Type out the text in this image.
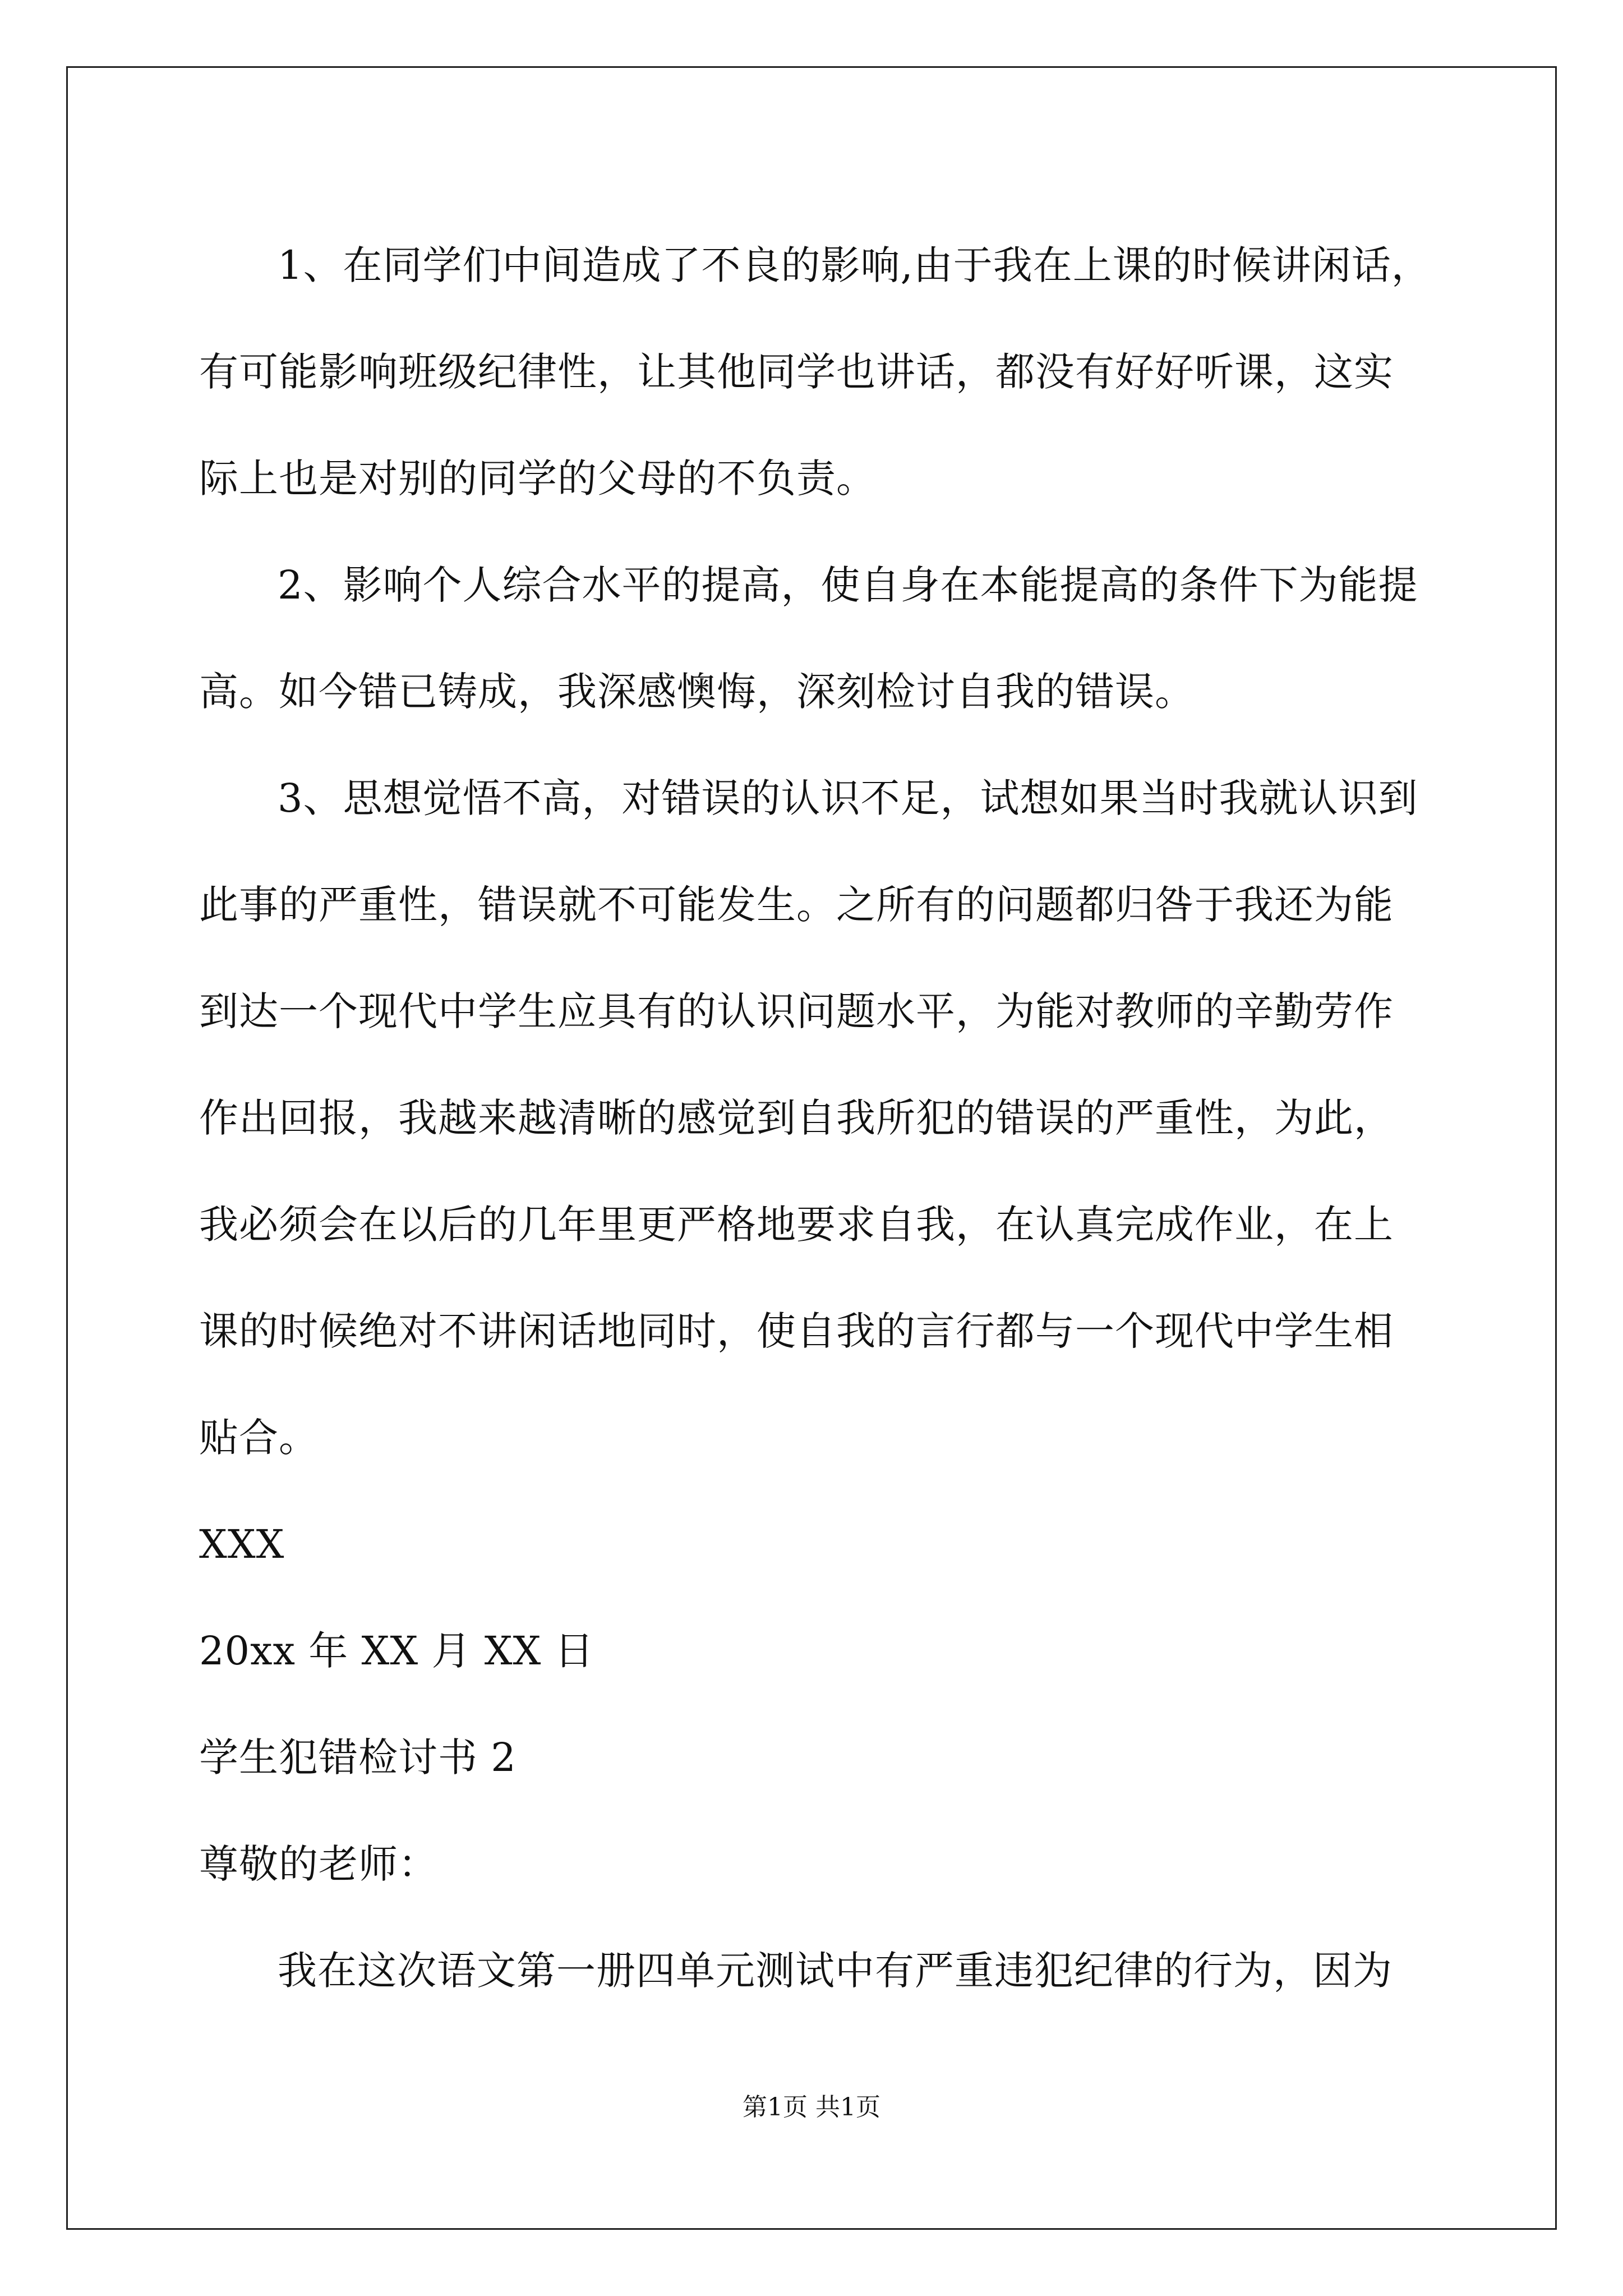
1、在同学们中间造成了不良的影响,由于我在上课的时候讲闲话，
有可能影响班级纪律性，让其他同学也讲话，都没有好好听课，这实
际上也是对别的同学的父母的不负责。
2、影响个人综合水平的提高，使自身在本能提高的条件下为能提
高。如今错已铸成，我深感懊悔，深刻检讨自我的错误。
3、思想觉悟不高，对错误的认识不足，试想如果当时我就认识到
此事的严重性，错误就不可能发生。之所有的问题都归咎于我还为能
到达一个现代中学生应具有的认识问题水平，为能对教师的辛勤劳作
作出回报，我越来越清晰的感觉到自我所犯的错误的严重性，为此，
我必须会在以后的几年里更严格地要求自我，在认真完成作业，在上
课的时候绝对不讲闲话地同时，使自我的言行都与一个现代中学生相
贴合。
XXX
20xx 年 XX 月 XX 日
学生犯错检讨书 2
尊敬的老师：
我在这次语文第一册四单元测试中有严重违犯纪律的行为，因为
第1页 共1页
